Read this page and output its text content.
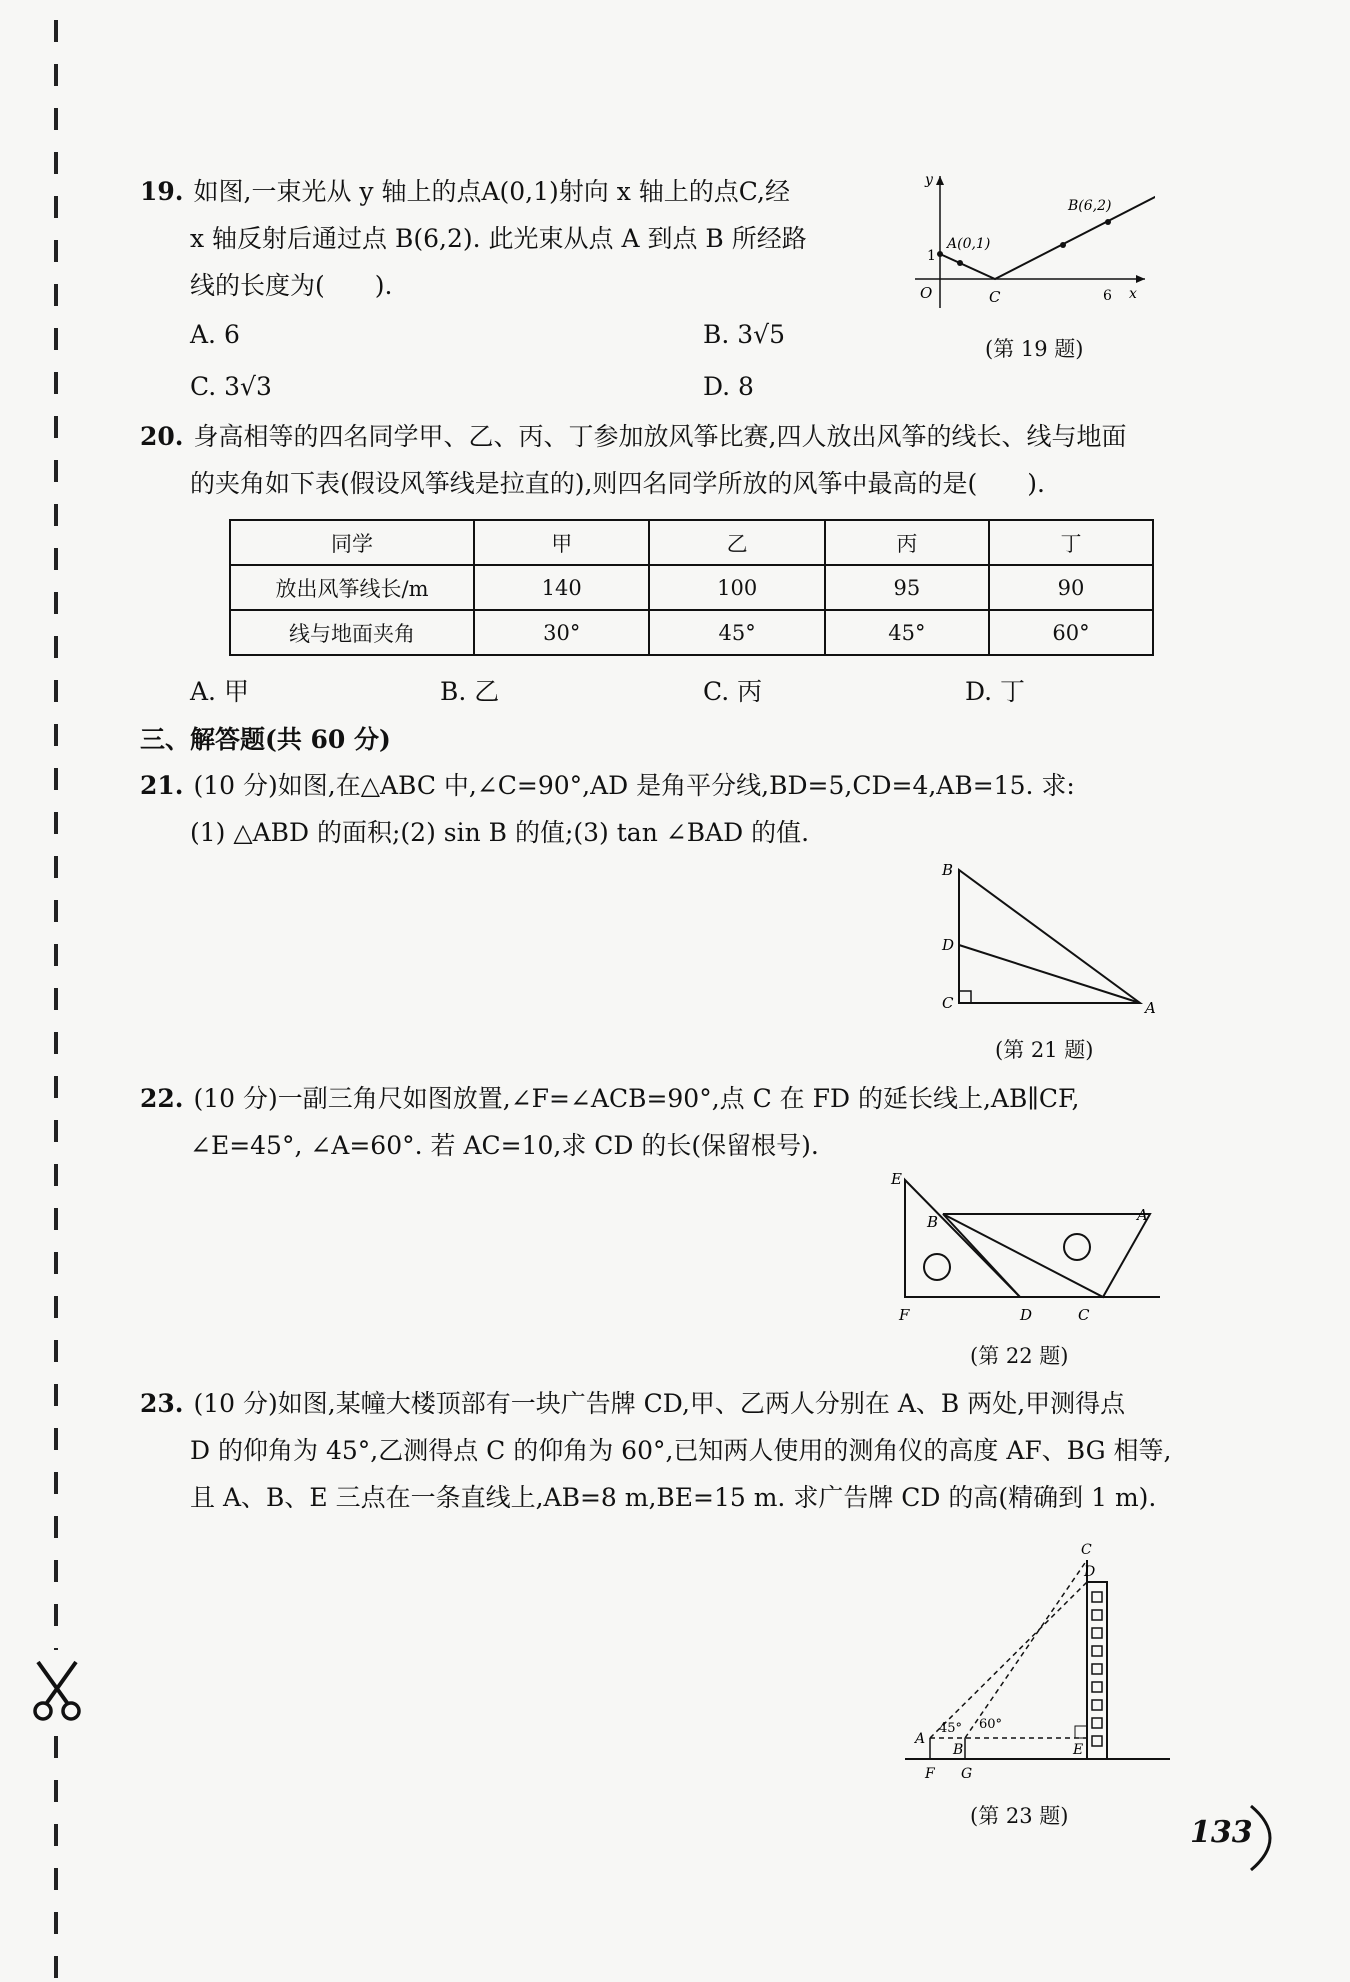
19. 如图,一束光从 y 轴上的点A(0,1)射向 x 轴上的点C,经
x 轴反射后通过点 B(6,2). 此光束从点 A 到点 B 所经路
线的长度为(　　).
A. 6	B. 3√5
C. 3√3	D. 8
y
x
O	C	6
1
A(0,1)
B(6,2)
(第 19 题)
20. 身高相等的四名同学甲、乙、丙、丁参加放风筝比赛,四人放出风筝的线长、线与地面
的夹角如下表(假设风筝线是拉直的),则四名同学所放的风筝中最高的是(　　).
同学	甲	乙	丙	丁
放出风筝线长/m	140	100	95	90
线与地面夹角	30°	45°	45°	60°
A. 甲	B. 乙	C. 丙	D. 丁
三、解答题(共 60 分)
21. (10 分)如图,在△ABC 中,∠C=90°,AD 是角平分线,BD=5,CD=4,AB=15. 求:
(1) △ABD 的面积;(2) sin B 的值;(3) tan ∠BAD 的值.
B
D
C	A
(第 21 题)
22. (10 分)一副三角尺如图放置,∠F=∠ACB=90°,点 C 在 FD 的延长线上,AB∥CF,
∠E=45°, ∠A=60°. 若 AC=10,求 CD 的长(保留根号).
E
B	A
F	D	C
(第 22 题)
23. (10 分)如图,某幢大楼顶部有一块广告牌 CD,甲、乙两人分别在 A、B 两处,甲测得点
D 的仰角为 45°,乙测得点 C 的仰角为 60°,已知两人使用的测角仪的高度 AF、BG 相等,
且 A、B、E 三点在一条直线上,AB=8 m,BE=15 m. 求广告牌 CD 的高(精确到 1 m).
C
D
A
B	E
F G
45° 60°
(第 23 题)	133
